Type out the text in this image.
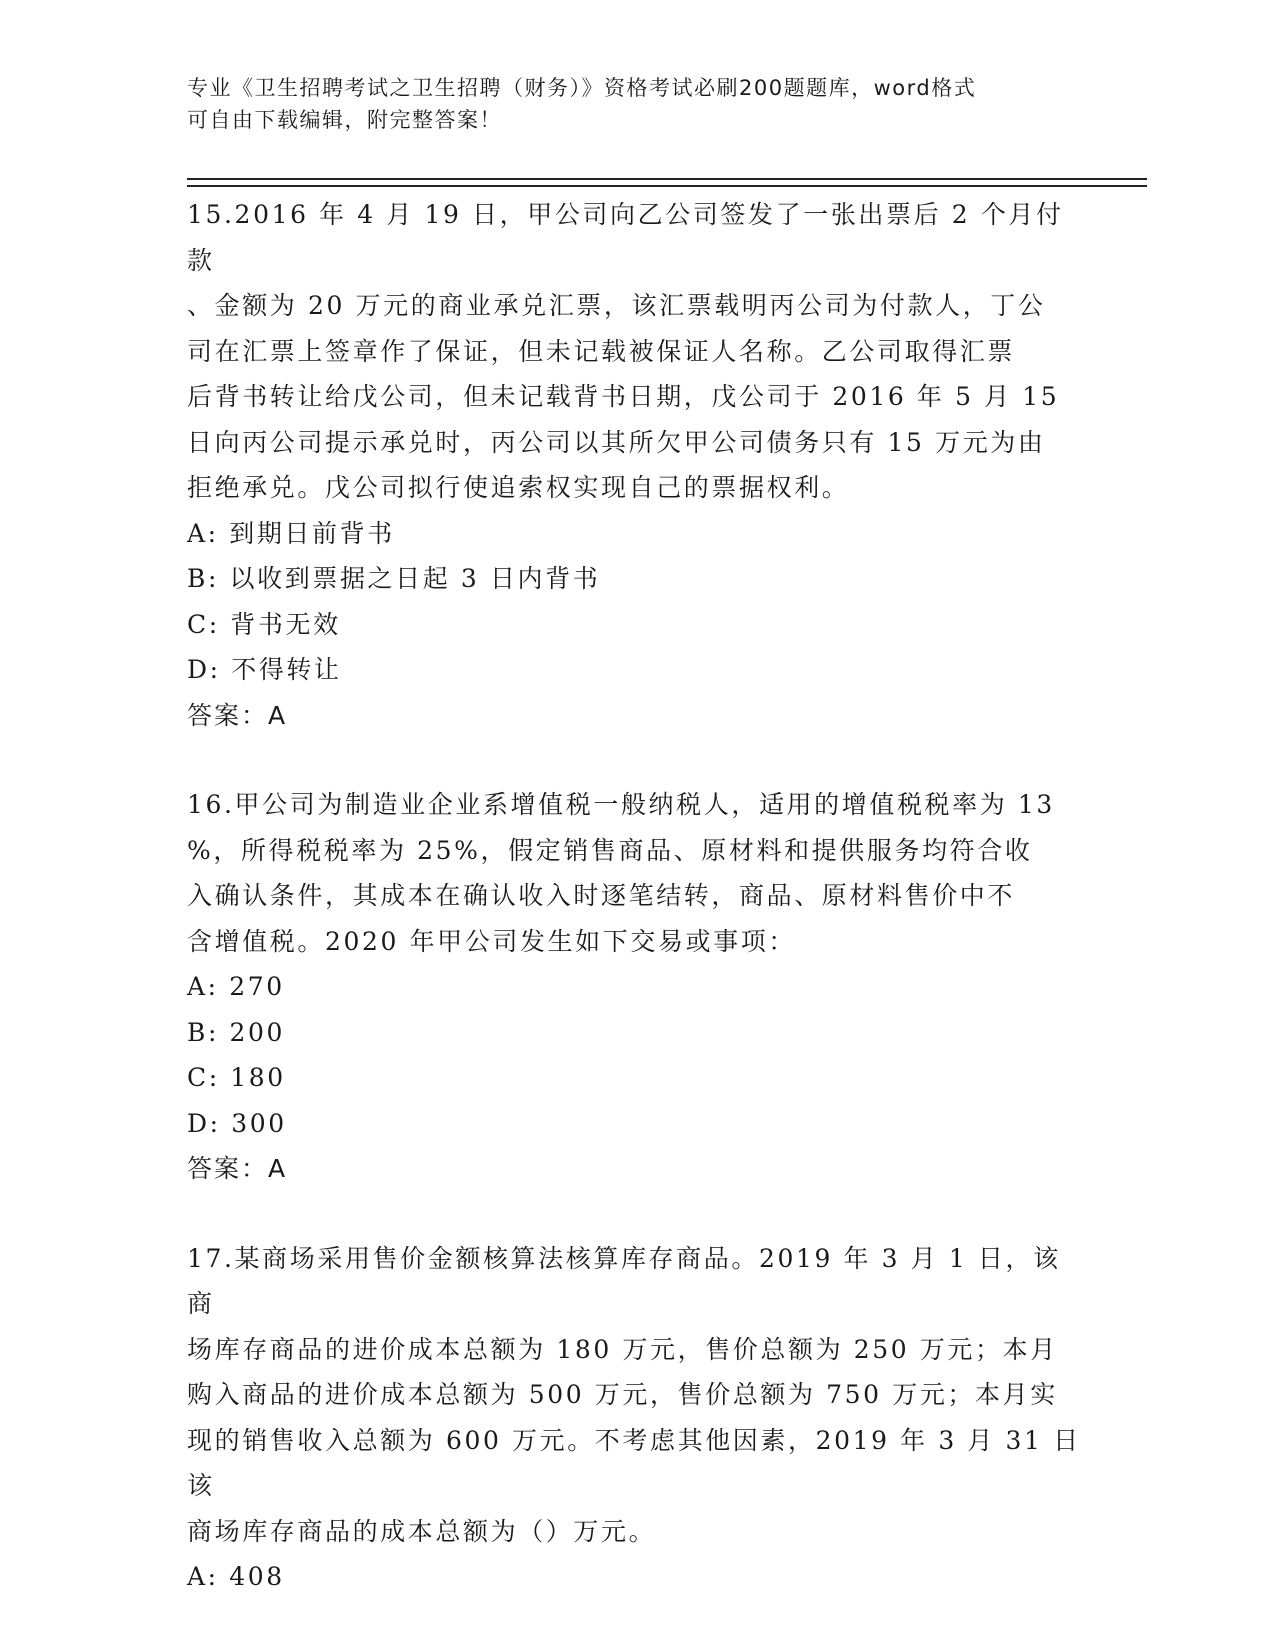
专业《卫生招聘考试之卫生招聘（财务）》资格考试必刷200题题库，word格式
可自由下载编辑，附完整答案！

15.2016 年 4 月 19 日，甲公司向乙公司签发了一张出票后 2 个月付款

、金额为 20 万元的商业承兑汇票，该汇票载明丙公司为付款人，丁公

司在汇票上签章作了保证，但未记载被保证人名称。乙公司取得汇票

后背书转让给戊公司，但未记载背书日期，戊公司于 2016 年 5 月 15

日向丙公司提示承兑时，丙公司以其所欠甲公司债务只有 15 万元为由

拒绝承兑。戊公司拟行使追索权实现自己的票据权利。

A: 到期日前背书

B: 以收到票据之日起 3 日内背书

C: 背书无效

D: 不得转让

答案：A

16.甲公司为制造业企业系增值税一般纳税人，适用的增值税税率为 13

%，所得税税率为 25%，假定销售商品、原材料和提供服务均符合收

入确认条件，其成本在确认收入时逐笔结转，商品、原材料售价中不

含增值税。2020 年甲公司发生如下交易或事项：

A: 270

B: 200

C: 180

D: 300

答案：A

17.某商场采用售价金额核算法核算库存商品。2019 年 3 月 1 日，该商

场库存商品的进价成本总额为 180 万元，售价总额为 250 万元；本月

购入商品的进价成本总额为 500 万元，售价总额为 750 万元；本月实

现的销售收入总额为 600 万元。不考虑其他因素，2019 年 3 月 31 日该

商场库存商品的成本总额为（）万元。

A: 408
